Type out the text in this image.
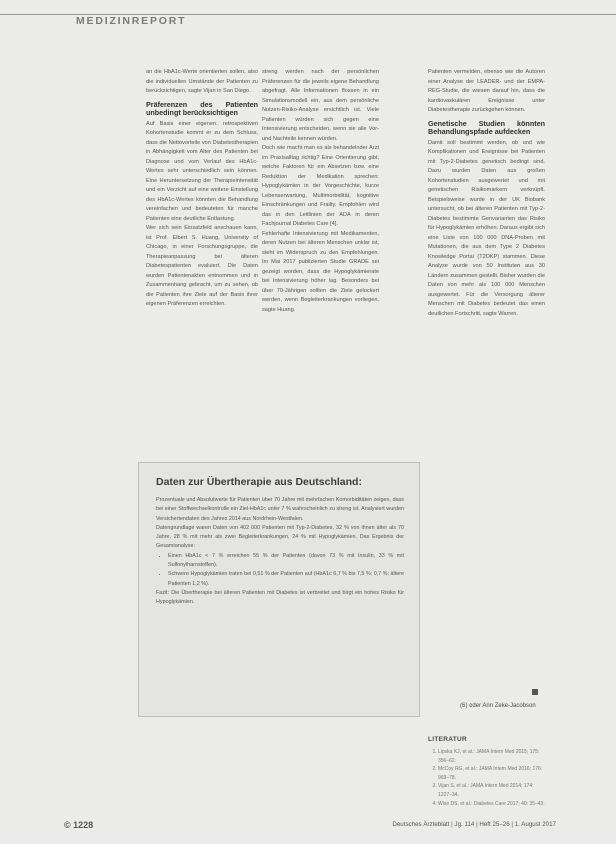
MEDIZINREPORT

an die HbA1c-Werte orientierten sollen, also die individuellen Umstände der Patienten zu berücksichtigen, sagte Vijan in San Diego.

Präferenzen des Patienten unbedingt berücksichtigen

Auf Basis einer eigenen, retrospektiven Kohortenstudie kommt er zu dem Schluss, dass die Nettovorteile von Diabetestherapien in Abhängigkeit vom Alter des Patienten bei Diagnose und vom Verlauf des HbA1c-Wertes sehr unterschiedlich sein können. Eine Heruntersetzung der Therapieintensität und ein Verzicht auf eine weitere Einstellung des HbA1c-Wertes könnten die Behandlung vereinfachen und bedeuteten für manche Patienten eine deutliche Entlastung.

Wer sich sein Einsatzfeld anschauen kann, ist Prof. Elbert S. Huang, University of Chicago, in einer Forschungsgruppe, die Therapieanpassung bei älteren Diabetespatienten evaluiert. Die Daten wurden Patientenakten entnommen und in Zusammenhang gebracht, um zu sehen, ob die Patienten ihre Ziele auf der Basis ihrer eigenen Präferenzen erreichten.

streng werden nach der persönlichen Präferenzen für die jeweils eigene Behandlung abgefragt. Alle Informationen flossen in ein Simulationsmodell ein, aus dem persönliche Nutzen-Risiko-Analyse ersichtlich ist. Viele Patienten würden sich gegen eine Intensivierung entscheiden, wenn sie alle Vor- und Nachteile kennen würden.

Doch wie macht man es als behandelnder Arzt im Praxisalltag richtig? Eine Orientierung gibt, welche Faktoren für ein Absetzen bzw. eine Reduktion der Medikation sprechen: Hypoglykämien in der Vorgeschichte, kurze Lebenserwartung, Multimorbidität, kognitive Einschränkungen und Frailty. Empfohlen wird das in den Leitlinien der ADA in deren Fachjournal Diabetes Care [4].

Fehlerhafte Intensivierung mit Medikamenten, deren Nutzen bei älteren Menschen unklar ist, steht im Widerspruch zu den Empfehlungen. Im Mai 2017 publizierten Studie GRADE sei gezeigt worden, dass die Hypoglykämierate bei Intensivierung höher lag. Besonders bei über 70-Jährigen sollten die Ziele gelockert werden, wenn Begleiterkrankungen vorliegen, sagte Huang.

Patienten vermeiden, ebenso wie die Autoren einer Analyse der LEADER- und der EMPA-REG-Studie, die wiesen darauf hin, dass die kardiovaskulären Ereignisse unter Diabetestherapie zurückgehen können.

Genetische Studien könnten Behandlungspfade aufdecken

Damit soll bestimmt werden, ob und wie Komplikationen und Ereignisse bei Patienten mit Typ-2-Diabetes genetisch bedingt sind. Dazu wurden Daten aus großen Kohortenstudien ausgewertet und mit genetischen Risikomarkern verknüpft. Beispielsweise wurde in der UK Biobank untersucht, ob bei älteren Patienten mit Typ-2-Diabetes bestimmte Genvarianten das Risiko für Hypoglykämien erhöhen. Daraus ergibt sich eine Liste von 100 000 DNA-Proben mit Mutationen, die aus dem Type 2 Diabetes Knowledge Portal (T2DKP) stammen. Diese Analyse wurde von 50 Instituten aus 30 Ländern zusammen gestellt. Bisher wurden die Daten von mehr als 100 000 Menschen ausgewertet. Für die Versorgung älterer Menschen mit Diabetes bedeutet das einen deutlichen Fortschritt, sagte Warren.

Daten zur Übertherapie aus Deutschland:

Prozentuale und Absolutwerte für Patienten über 70 Jahre mit mehrfachen Komorbiditäten zeigen, dass bei einer Stoffwechselkontrolle ein Ziel-HbA1c unter 7 % wahrscheinlich zu streng ist. Analysiert wurden Versichertendaten des Jahres 2014 aus Nordrhein-Westfalen.

Datengrundlage waren Daten von 402 000 Patienten mit Typ-2-Diabetes, 32 % von ihnen älter als 70 Jahre, 28 % mit mehr als zwei Begleiterkrankungen, 24 % mit Hypoglykämien. Das Ergebnis der Gesamtanalyse:

• Einen HbA1c < 7 % erreichen 55 % der Patienten (davon 73 % mit Insulin, 33 % mit Sulfonylharnstoffen).
• Schwere Hypoglykämien traten bei 0,51 % der Patienten auf (HbA1c 6,7 % bis 7,5 %: 0,7 %; ältere Patienten 1,2 %).

Fazit: Die Übertherapie bei älteren Patienten mit Diabetes ist verbreitet und birgt ein hohes Risiko für Hypoglykämien.

(6) oder Ann Zeke-Jacobson
LITERATUR
1. Lipska KJ, et al.: JAMA Intern Med 2015; 175: 356–62.
2. McCoy RG, et al.: JAMA Intern Med 2016; 176: 969–78.
3. Vijan S, et al.: JAMA Intern Med 2014; 174: 1227–34.
4. Wise DS, et al.: Diabetes Care 2017; 40: 35–43.
© 1228	Deutsches Ärzteblatt | Jg. 114 | Heft 25–26 | 1. August 2017
